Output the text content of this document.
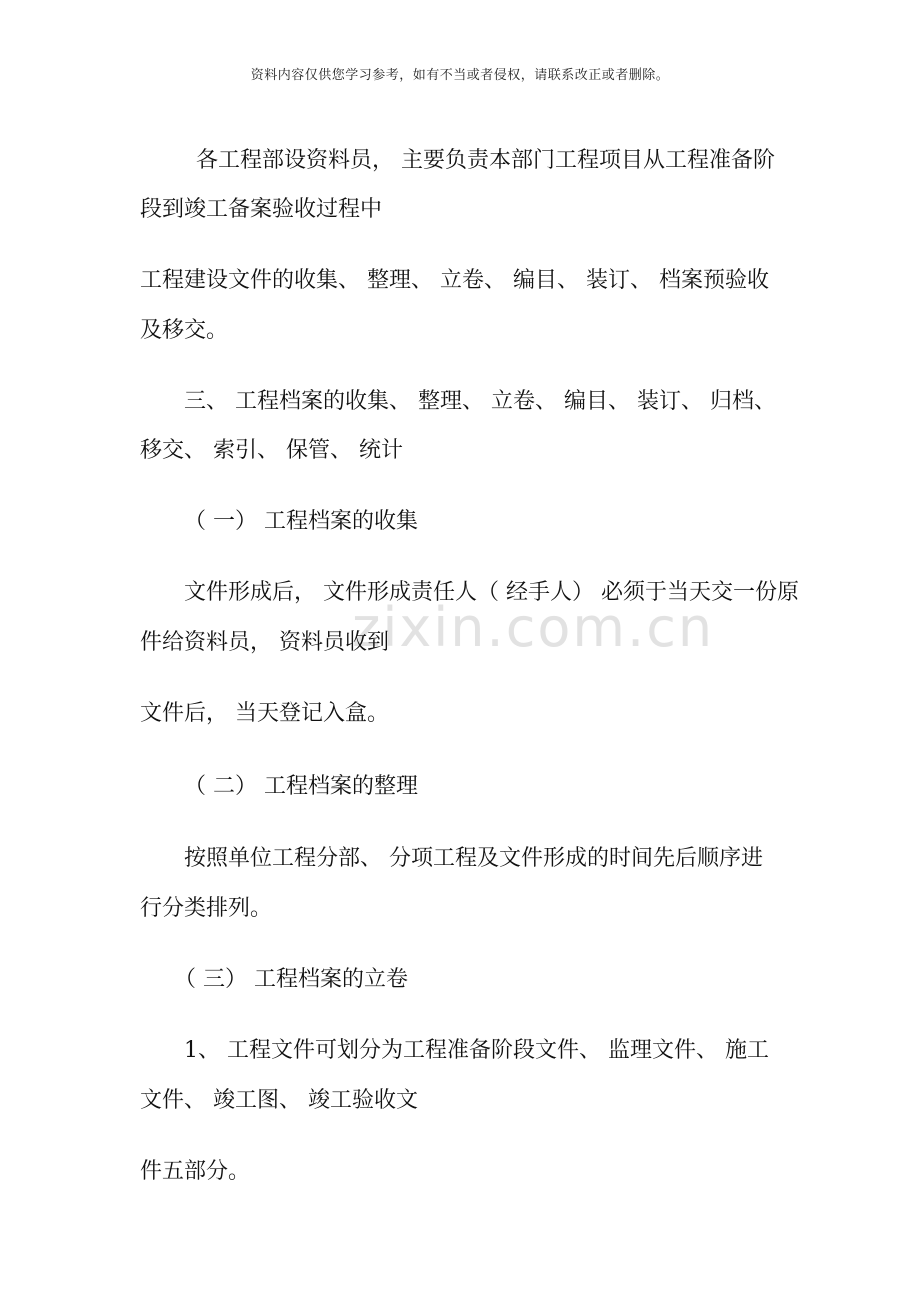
资料内容仅供您学习参考，如有不当或者侵权，请联系改正或者删除。
zixin.com.cn
各工程部设资料员， 主要负责本部门工程项目从工程准备阶
段到竣工备案验收过程中
工程建设文件的收集、 整理、 立卷、 编目、 装订、 档案预验收
及移交。
三、 工程档案的收集、 整理、 立卷、 编目、 装订、 归档、
移交、 索引、 保管、 统计
（ 一） 工程档案的收集
文件形成后， 文件形成责任人（ 经手人） 必须于当天交一份原
件给资料员， 资料员收到
文件后， 当天登记入盒。
（ 二） 工程档案的整理
按照单位工程分部、 分项工程及文件形成的时间先后顺序进
行分类排列。
（ 三） 工程档案的立卷
1、 工程文件可划分为工程准备阶段文件、 监理文件、 施工
文件、 竣工图、 竣工验收文
件五部分。
